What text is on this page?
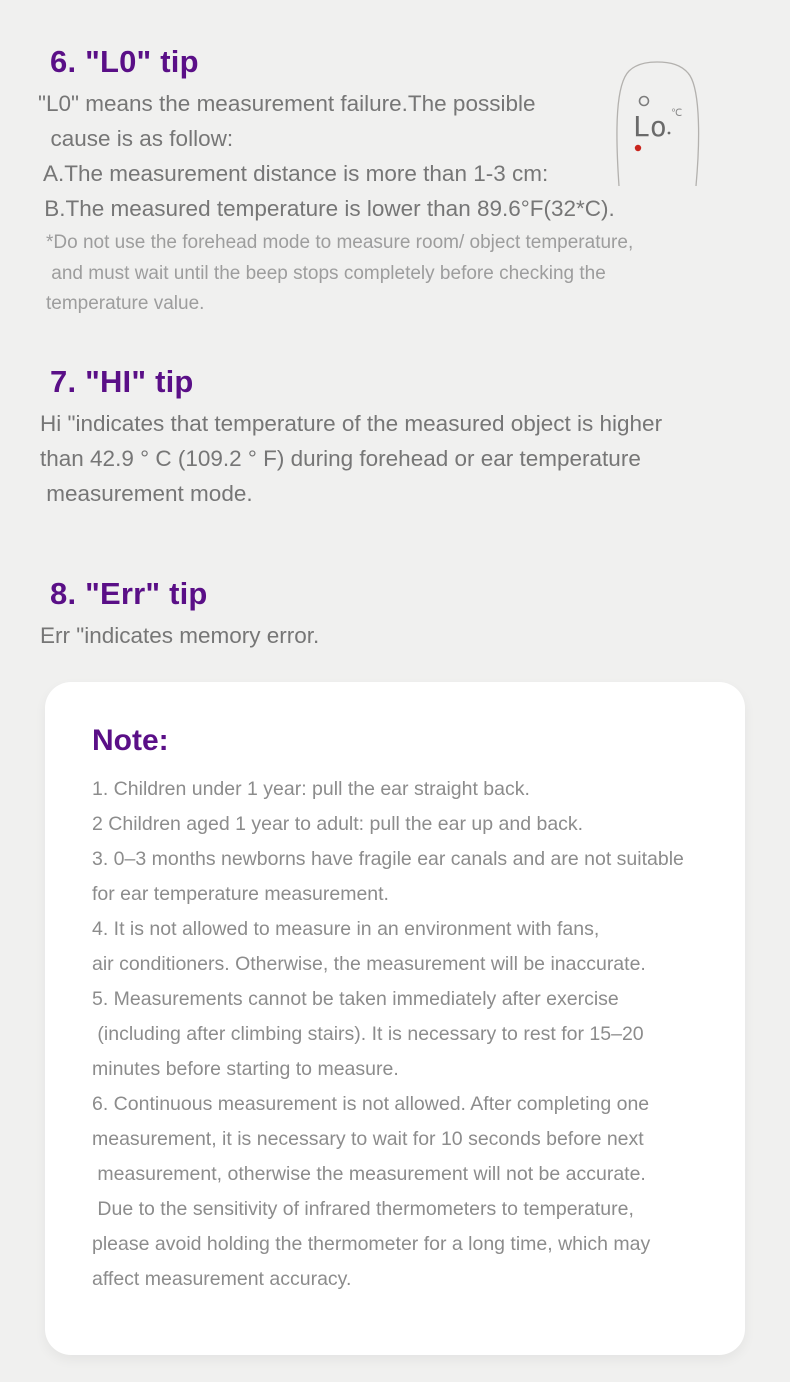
6. "L0" tip
"L0" means the measurement failure.The possible
cause is as follow:
A.The measurement distance is more than 1-3 cm:
B.The measured temperature is lower than 89.6°F(32*C).
*Do not use the forehead mode to measure room/ object temperature,
and must wait until the beep stops completely before checking the
temperature value.
Lo ℃
7. "HI" tip
Hi "indicates that temperature of the measured object is higher
than 42.9 ° C (109.2 ° F) during forehead or ear temperature
measurement mode.
8. "Err" tip
Err "indicates memory error.
Note:
1. Children under 1 year: pull the ear straight back.
2 Children aged 1 year to adult: pull the ear up and back.
3. 0–3 months newborns have fragile ear canals and are not suitable
for ear temperature measurement.
4. It is not allowed to measure in an environment with fans,
air conditioners. Otherwise, the measurement will be inaccurate.
5. Measurements cannot be taken immediately after exercise
(including after climbing stairs). It is necessary to rest for 15–20
minutes before starting to measure.
6. Continuous measurement is not allowed. After completing one
measurement, it is necessary to wait for 10 seconds before next
measurement, otherwise the measurement will not be accurate.
Due to the sensitivity of infrared thermometers to temperature,
please avoid holding the thermometer for a long time, which may
affect measurement accuracy.
